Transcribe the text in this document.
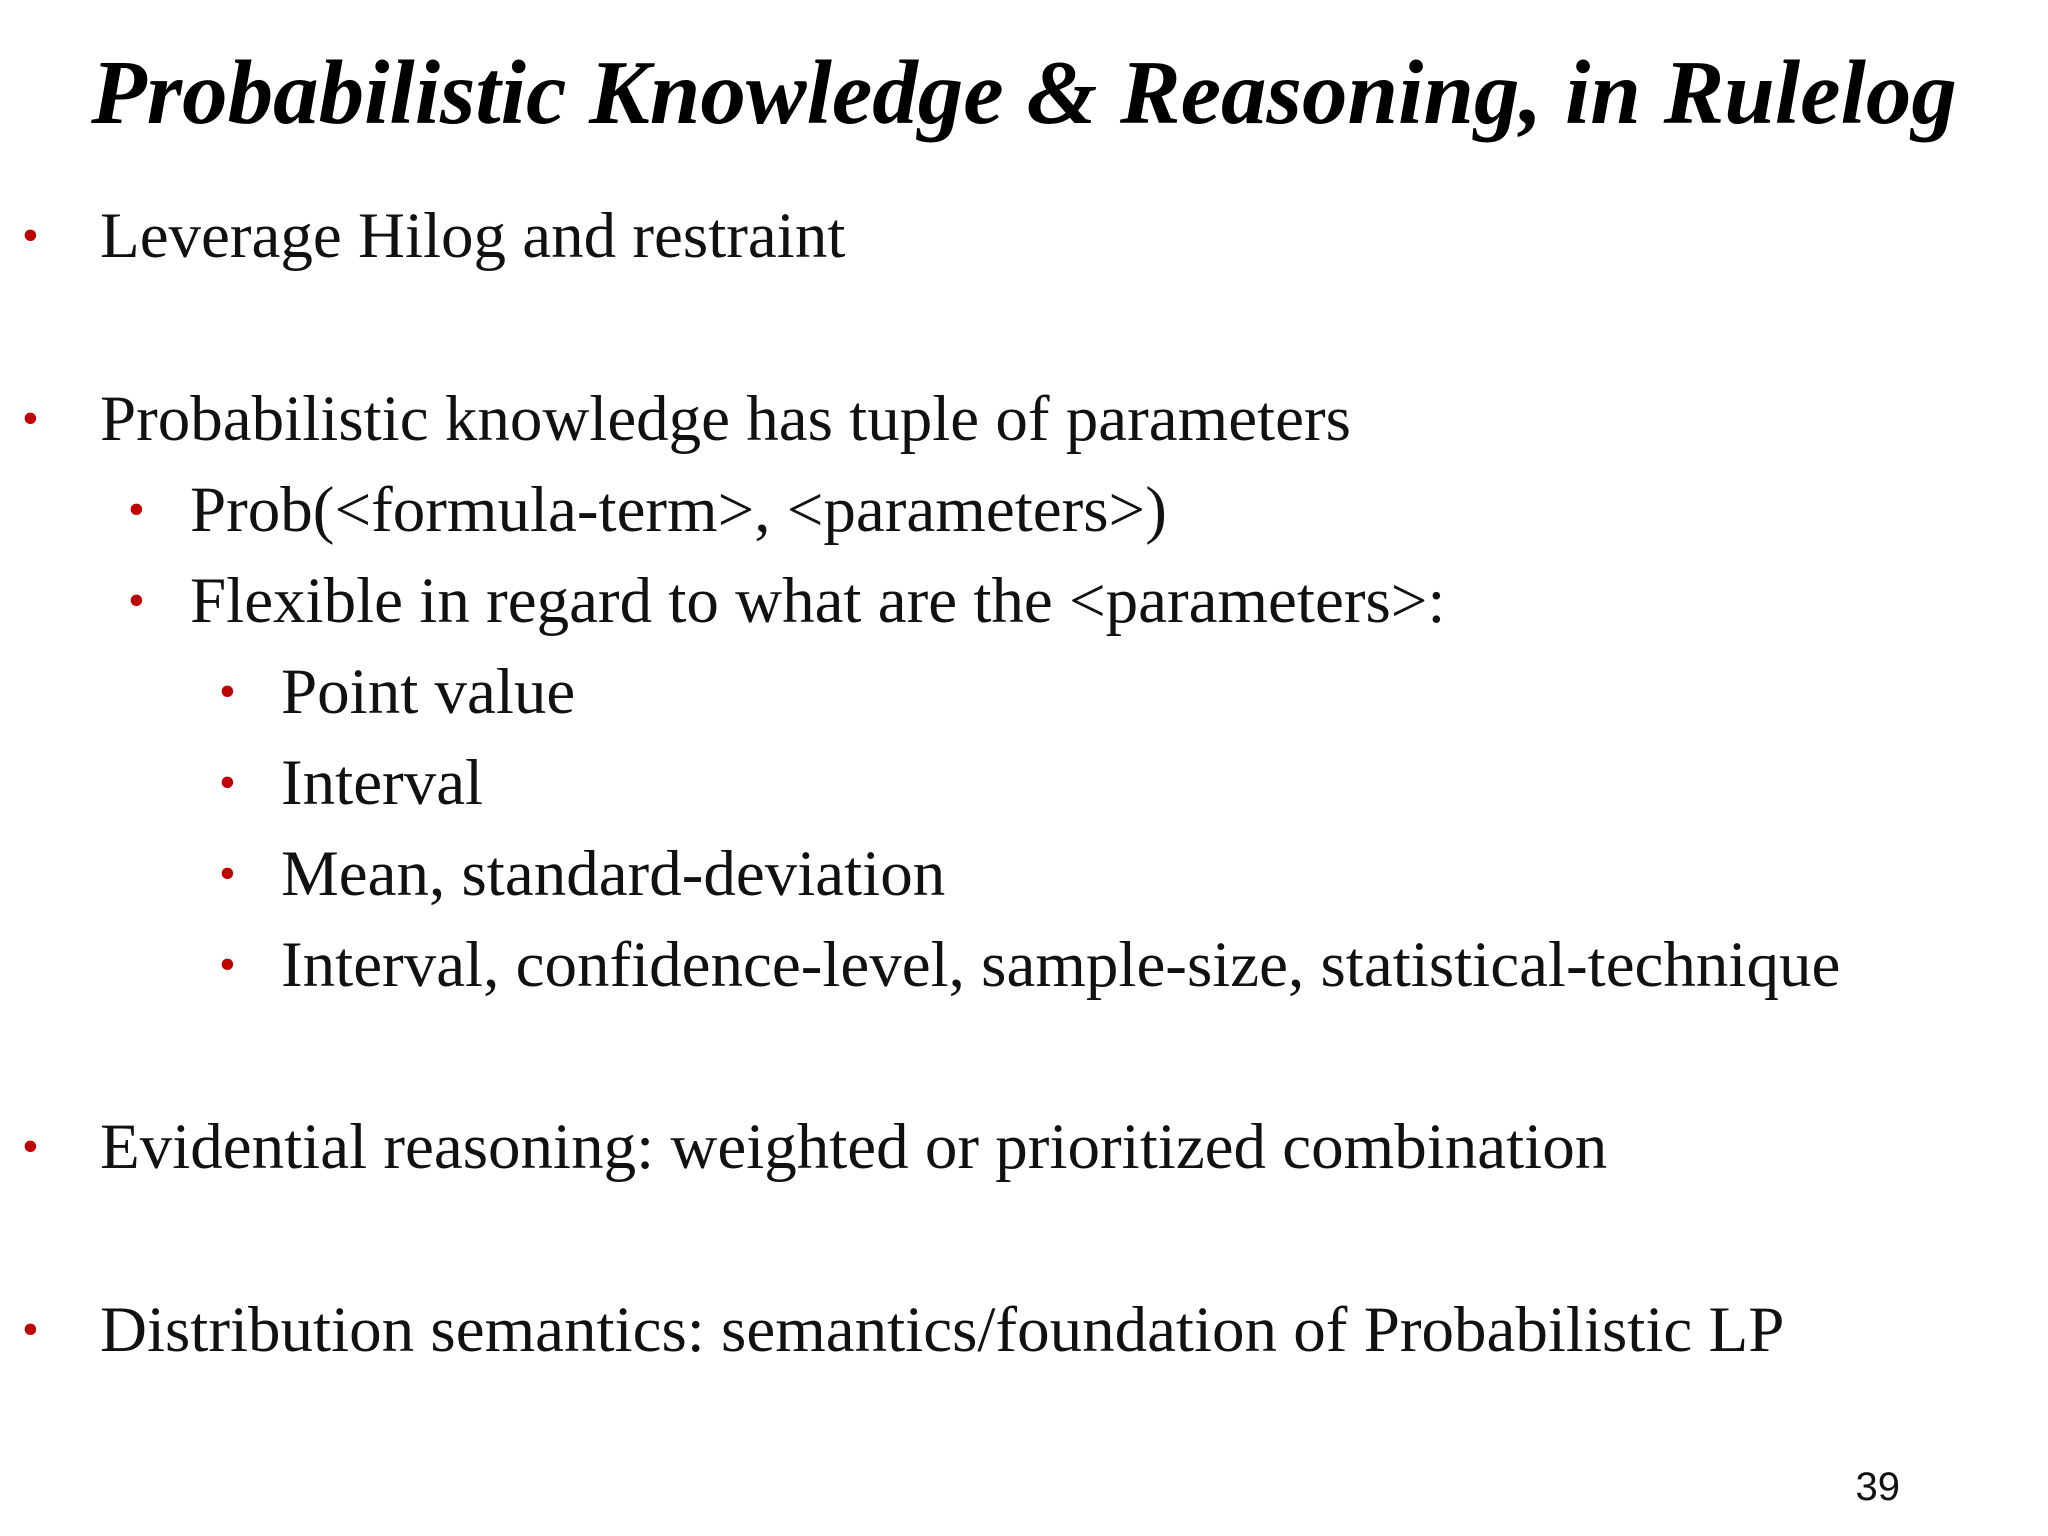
Probabilistic Knowledge & Reasoning, in Rulelog
• Leverage Hilog and restraint
• Probabilistic knowledge has tuple of parameters
• Prob(<formula-term>, <parameters>)
• Flexible in regard to what are the <parameters>:
• Point value
• Interval
• Mean, standard-deviation
• Interval, confidence-level, sample-size, statistical-technique
• Evidential reasoning: weighted or prioritized combination
• Distribution semantics: semantics/foundation of Probabilistic LP
39
